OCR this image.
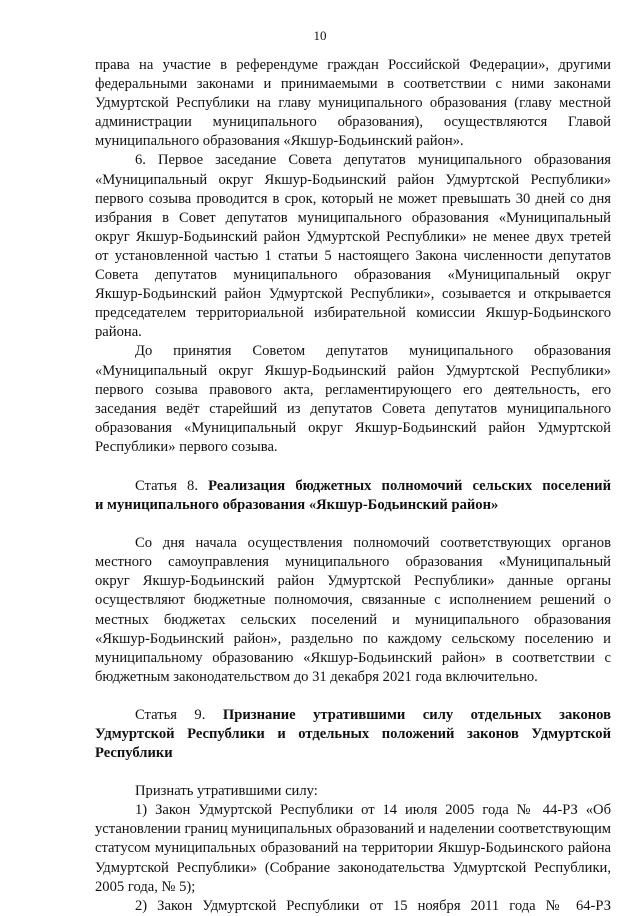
10

права на участие в референдуме граждан Российской Федерации», другими

федеральными законами и принимаемыми в соответствии с ними законами

Удмуртской Республики на главу муниципального образования (главу местной

администрации муниципального образования), осуществляются Главой

муниципального образования «Якшур-Бодьинский район».

6. Первое заседание Совета депутатов муниципального образования

«Муниципальный округ Якшур-Бодьинский район Удмуртской Республики»

первого созыва проводится в срок, который не может превышать 30 дней со дня

избрания в Совет депутатов муниципального образования «Муниципальный

округ Якшур-Бодьинский район Удмуртской Республики» не менее двух третей

от установленной частью 1 статьи 5 настоящего Закона численности депутатов

Совета депутатов муниципального образования «Муниципальный округ

Якшур-Бодьинский район Удмуртской Республики», созывается и открывается

председателем территориальной избирательной комиссии Якшур-Бодьинского

района.

До принятия Советом депутатов муниципального образования

«Муниципальный округ Якшур-Бодьинский район Удмуртской Республики»

первого созыва правового акта, регламентирующего его деятельность, его

заседания ведёт старейший из депутатов Совета депутатов муниципального

образования «Муниципальный округ Якшур-Бодьинский район Удмуртской

Республики» первого созыва.

Статья 8. Реализация бюджетных полномочий сельских поселений

и муниципального образования «Якшур-Бодьинский район»

Со дня начала осуществления полномочий соответствующих органов

местного самоуправления муниципального образования «Муниципальный

округ Якшур-Бодьинский район Удмуртской Республики» данные органы

осуществляют бюджетные полномочия, связанные с исполнением решений о

местных бюджетах сельских поселений и муниципального образования

«Якшур-Бодьинский район», раздельно по каждому сельскому поселению и

муниципальному образованию «Якшур-Бодьинский район» в соответствии с

бюджетным законодательством до 31 декабря 2021 года включительно.

Статья 9. Признание утратившими силу отдельных законов

Удмуртской Республики и отдельных положений законов Удмуртской

Республики

Признать утратившими силу:

1) Закон Удмуртской Республики от 14 июля 2005 года № 44-РЗ «Об

установлении границ муниципальных образований и наделении соответствующим

статусом муниципальных образований на территории Якшур-Бодьинского района

Удмуртской Республики» (Собрание законодательства Удмуртской Республики,

2005 года, № 5);

2) Закон Удмуртской Республики от 15 ноября 2011 года № 64-РЗ
